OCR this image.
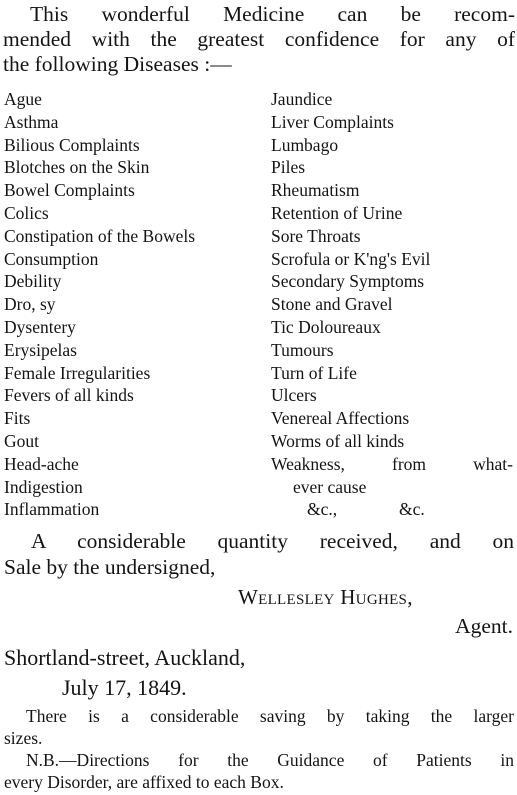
This wonderful Medicine can be recom-
mended with the greatest confidence for any of
the following Diseases :—
Ague
Asthma
Bilious Complaints
Blotches on the Skin
Bowel Complaints
Colics
Constipation of the Bowels
Consumption
Debility
Dro, sy
Dysentery
Erysipelas
Female Irregularities
Fevers of all kinds
Fits
Gout
Head-ache
Indigestion
Inflammation
Jaundice
Liver Complaints
Lumbago
Piles
Rheumatism
Retention of Urine
Sore Throats
Scrofula or K'ng's Evil
Secondary Symptoms
Stone and Gravel
Tic Doloureaux
Tumours
Turn of Life
Ulcers
Venereal Affections
Worms of all kinds
Weakness, from what-
ever cause
&c.,	&c.
A considerable quantity received, and on
Sale by the undersigned,
Wellesley Hughes,
Agent.
Shortland-street, Auckland,
July 17, 1849.
There is a considerable saving by taking the larger
sizes.
N.B.—Directions for the Guidance of Patients in
every Disorder, are affixed to each Box.
